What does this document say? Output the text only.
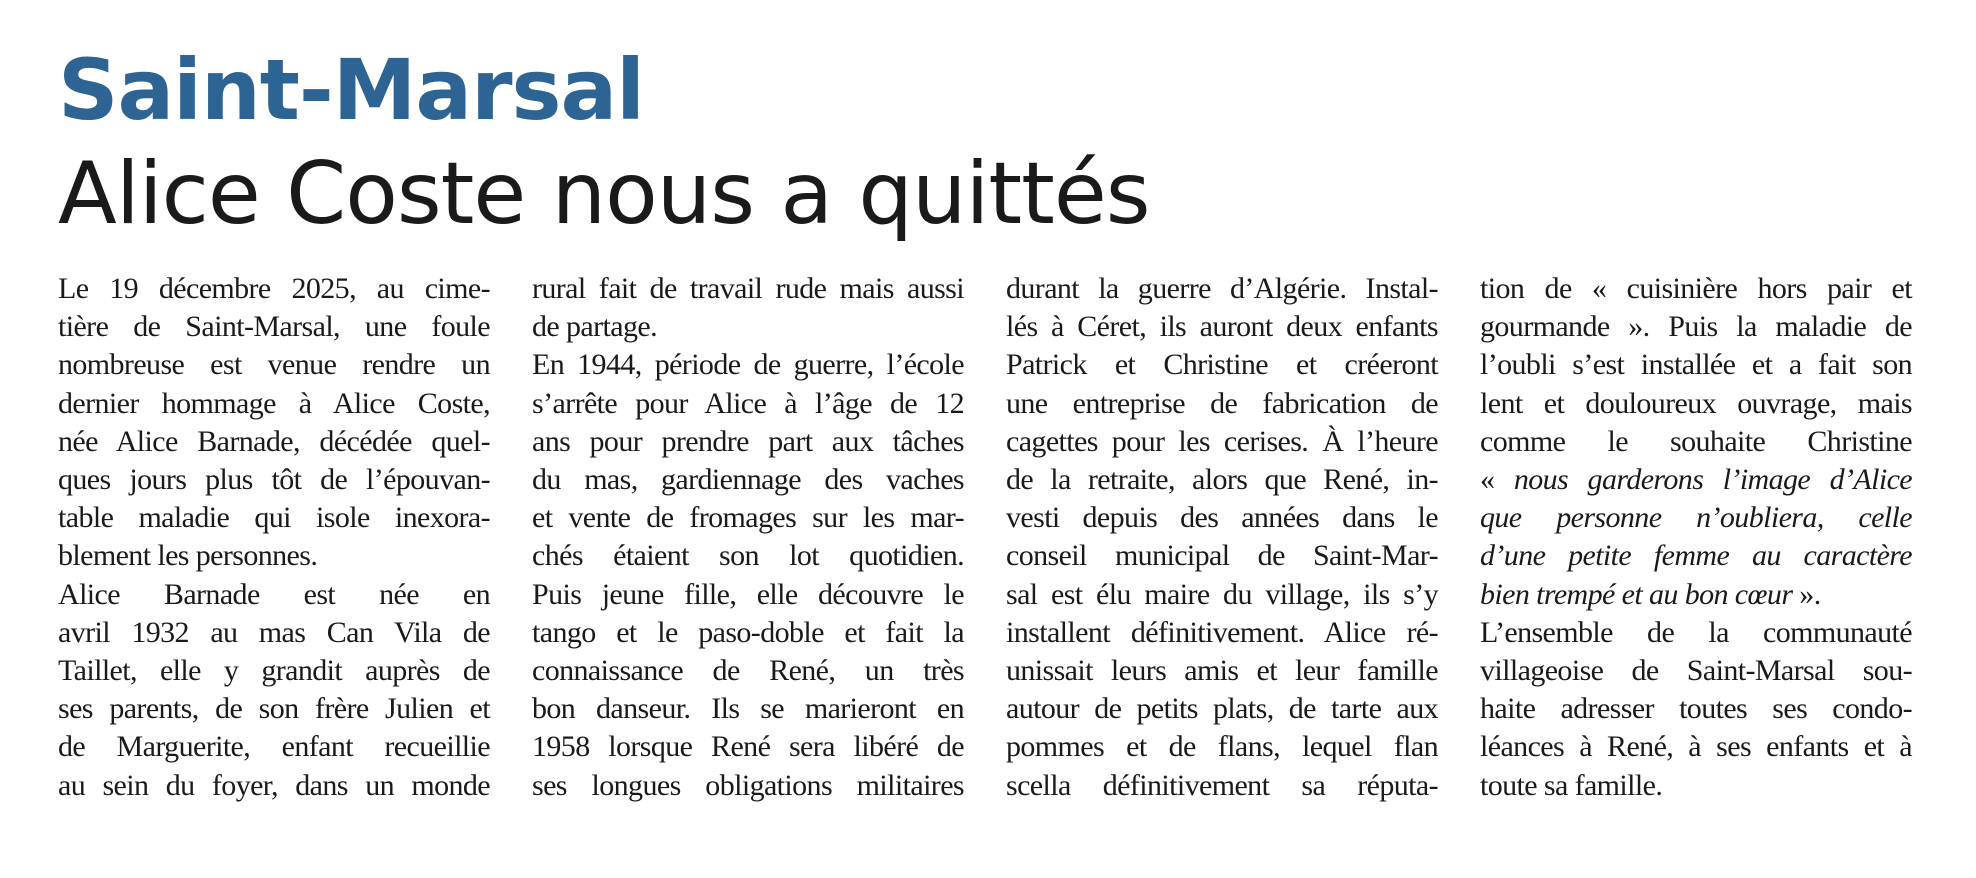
Saint-Marsal
Alice Coste nous a quittés
Le 19 décembre 2025, au cime-
tière de Saint-Marsal, une foule
nombreuse est venue rendre un
dernier hommage à Alice Coste,
née Alice Barnade, décédée quel-
ques jours plus tôt de l’épouvan-
table maladie qui isole inexora-
blement les personnes.
Alice Barnade est née en
avril 1932 au mas Can Vila de
Taillet, elle y grandit auprès de
ses parents, de son frère Julien et
de Marguerite, enfant recueillie
au sein du foyer, dans un monde
rural fait de travail rude mais aussi
de partage.
En 1944, période de guerre, l’école
s’arrête pour Alice à l’âge de 12
ans pour prendre part aux tâches
du mas, gardiennage des vaches
et vente de fromages sur les mar-
chés étaient son lot quotidien.
Puis jeune fille, elle découvre le
tango et le paso-doble et fait la
connaissance de René, un très
bon danseur. Ils se marieront en
1958 lorsque René sera libéré de
ses longues obligations militaires
durant la guerre d’Algérie. Instal-
lés à Céret, ils auront deux enfants
Patrick et Christine et créeront
une entreprise de fabrication de
cagettes pour les cerises. À l’heure
de la retraite, alors que René, in-
vesti depuis des années dans le
conseil municipal de Saint-Mar-
sal est élu maire du village, ils s’y
installent définitivement. Alice ré-
unissait leurs amis et leur famille
autour de petits plats, de tarte aux
pommes et de flans, lequel flan
scella définitivement sa réputa-
tion de « cuisinière hors pair et
gourmande ». Puis la maladie de
l’oubli s’est installée et a fait son
lent et douloureux ouvrage, mais
comme le souhaite Christine
« nous garderons l’image d’Alice
que personne n’oubliera, celle
d’une petite femme au caractère
bien trempé et au bon cœur ».
L’ensemble de la communauté
villageoise de Saint-Marsal sou-
haite adresser toutes ses condo-
léances à René, à ses enfants et à
toute sa famille.
